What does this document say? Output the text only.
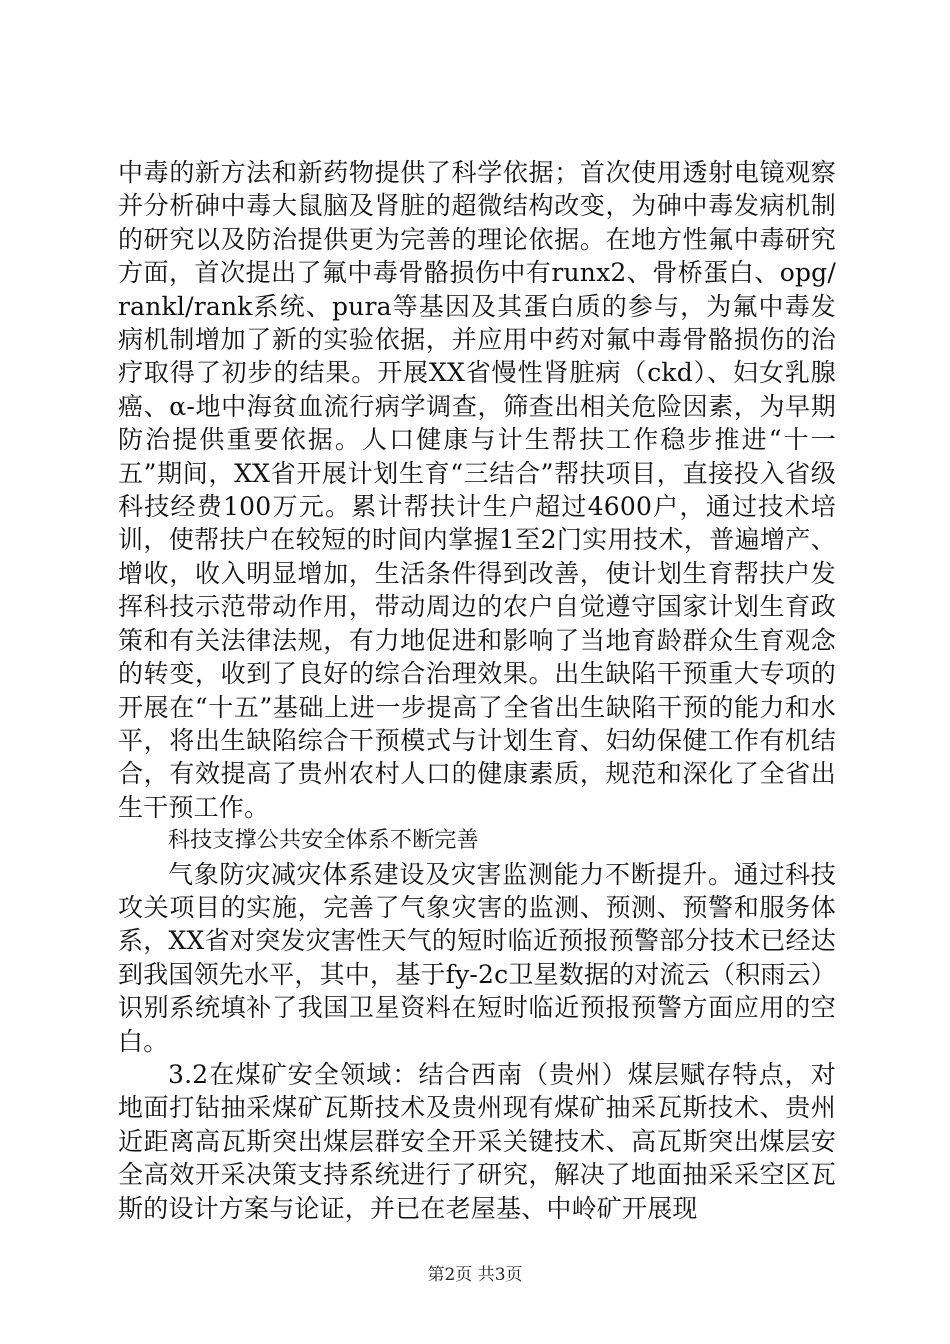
中毒的新方法和新药物提供了科学依据；首次使用透射电镜观察并分析砷中毒大鼠脑及肾脏的超微结构改变，为砷中毒发病机制的研究以及防治提供更为完善的理论依据。在地方性氟中毒研究方面，首次提出了氟中毒骨骼损伤中有runx2、骨桥蛋白、opg/rankl/rank系统、pura等基因及其蛋白质的参与，为氟中毒发病机制增加了新的实验依据，并应用中药对氟中毒骨骼损伤的治疗取得了初步的结果。开展XX省慢性肾脏病（ckd）、妇女乳腺癌、α-地中海贫血流行病学调查，筛查出相关危险因素，为早期防治提供重要依据。人口健康与计生帮扶工作稳步推进“十一五”期间，XX省开展计划生育“三结合”帮扶项目，直接投入省级科技经费100万元。累计帮扶计生户超过4600户，通过技术培训，使帮扶户在较短的时间内掌握1至2门实用技术，普遍增产、增收，收入明显增加，生活条件得到改善，使计划生育帮扶户发挥科技示范带动作用，带动周边的农户自觉遵守国家计划生育政策和有关法律法规，有力地促进和影响了当地育龄群众生育观念的转变，收到了良好的综合治理效果。出生缺陷干预重大专项的开展在“十五”基础上进一步提高了全省出生缺陷干预的能力和水平，将出生缺陷综合干预模式与计划生育、妇幼保健工作有机结合，有效提高了贵州农村人口的健康素质，规范和深化了全省出生干预工作。

科技支撑公共安全体系不断完善

气象防灾减灾体系建设及灾害监测能力不断提升。通过科技攻关项目的实施，完善了气象灾害的监测、预测、预警和服务体系，XX省对突发灾害性天气的短时临近预报预警部分技术已经达到我国领先水平，其中，基于fy-2c卫星数据的对流云（积雨云）识别系统填补了我国卫星资料在短时临近预报预警方面应用的空白。

3.2在煤矿安全领域：结合西南（贵州）煤层赋存特点，对地面打钻抽采煤矿瓦斯技术及贵州现有煤矿抽采瓦斯技术、贵州近距离高瓦斯突出煤层群安全开采关键技术、高瓦斯突出煤层安全高效开采决策支持系统进行了研究，解决了地面抽采采空区瓦斯的设计方案与论证，并已在老屋基、中岭矿开展现

第2页 共3页
